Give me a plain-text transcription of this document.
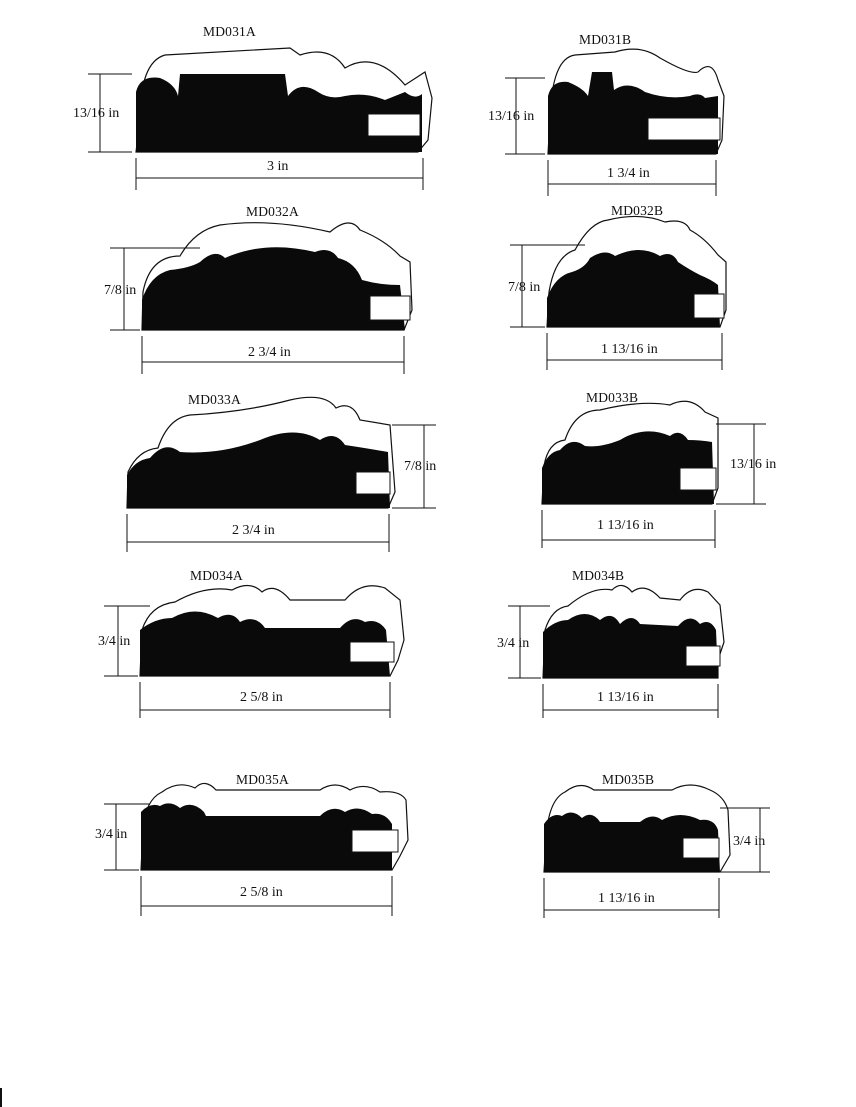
MD031A
13/16 in
3 in
MD031B
13/16 in
1 3/4 in
MD032A
7/8 in
2 3/4 in
MD032B
7/8 in
1 13/16 in
MD033A
7/8 in
2 3/4 in
MD033B
13/16 in
1 13/16 in
MD034A
3/4 in
2 5/8 in
MD034B
3/4 in
1 13/16 in
MD035A
3/4 in
2 5/8 in
MD035B
3/4 in
1 13/16 in
